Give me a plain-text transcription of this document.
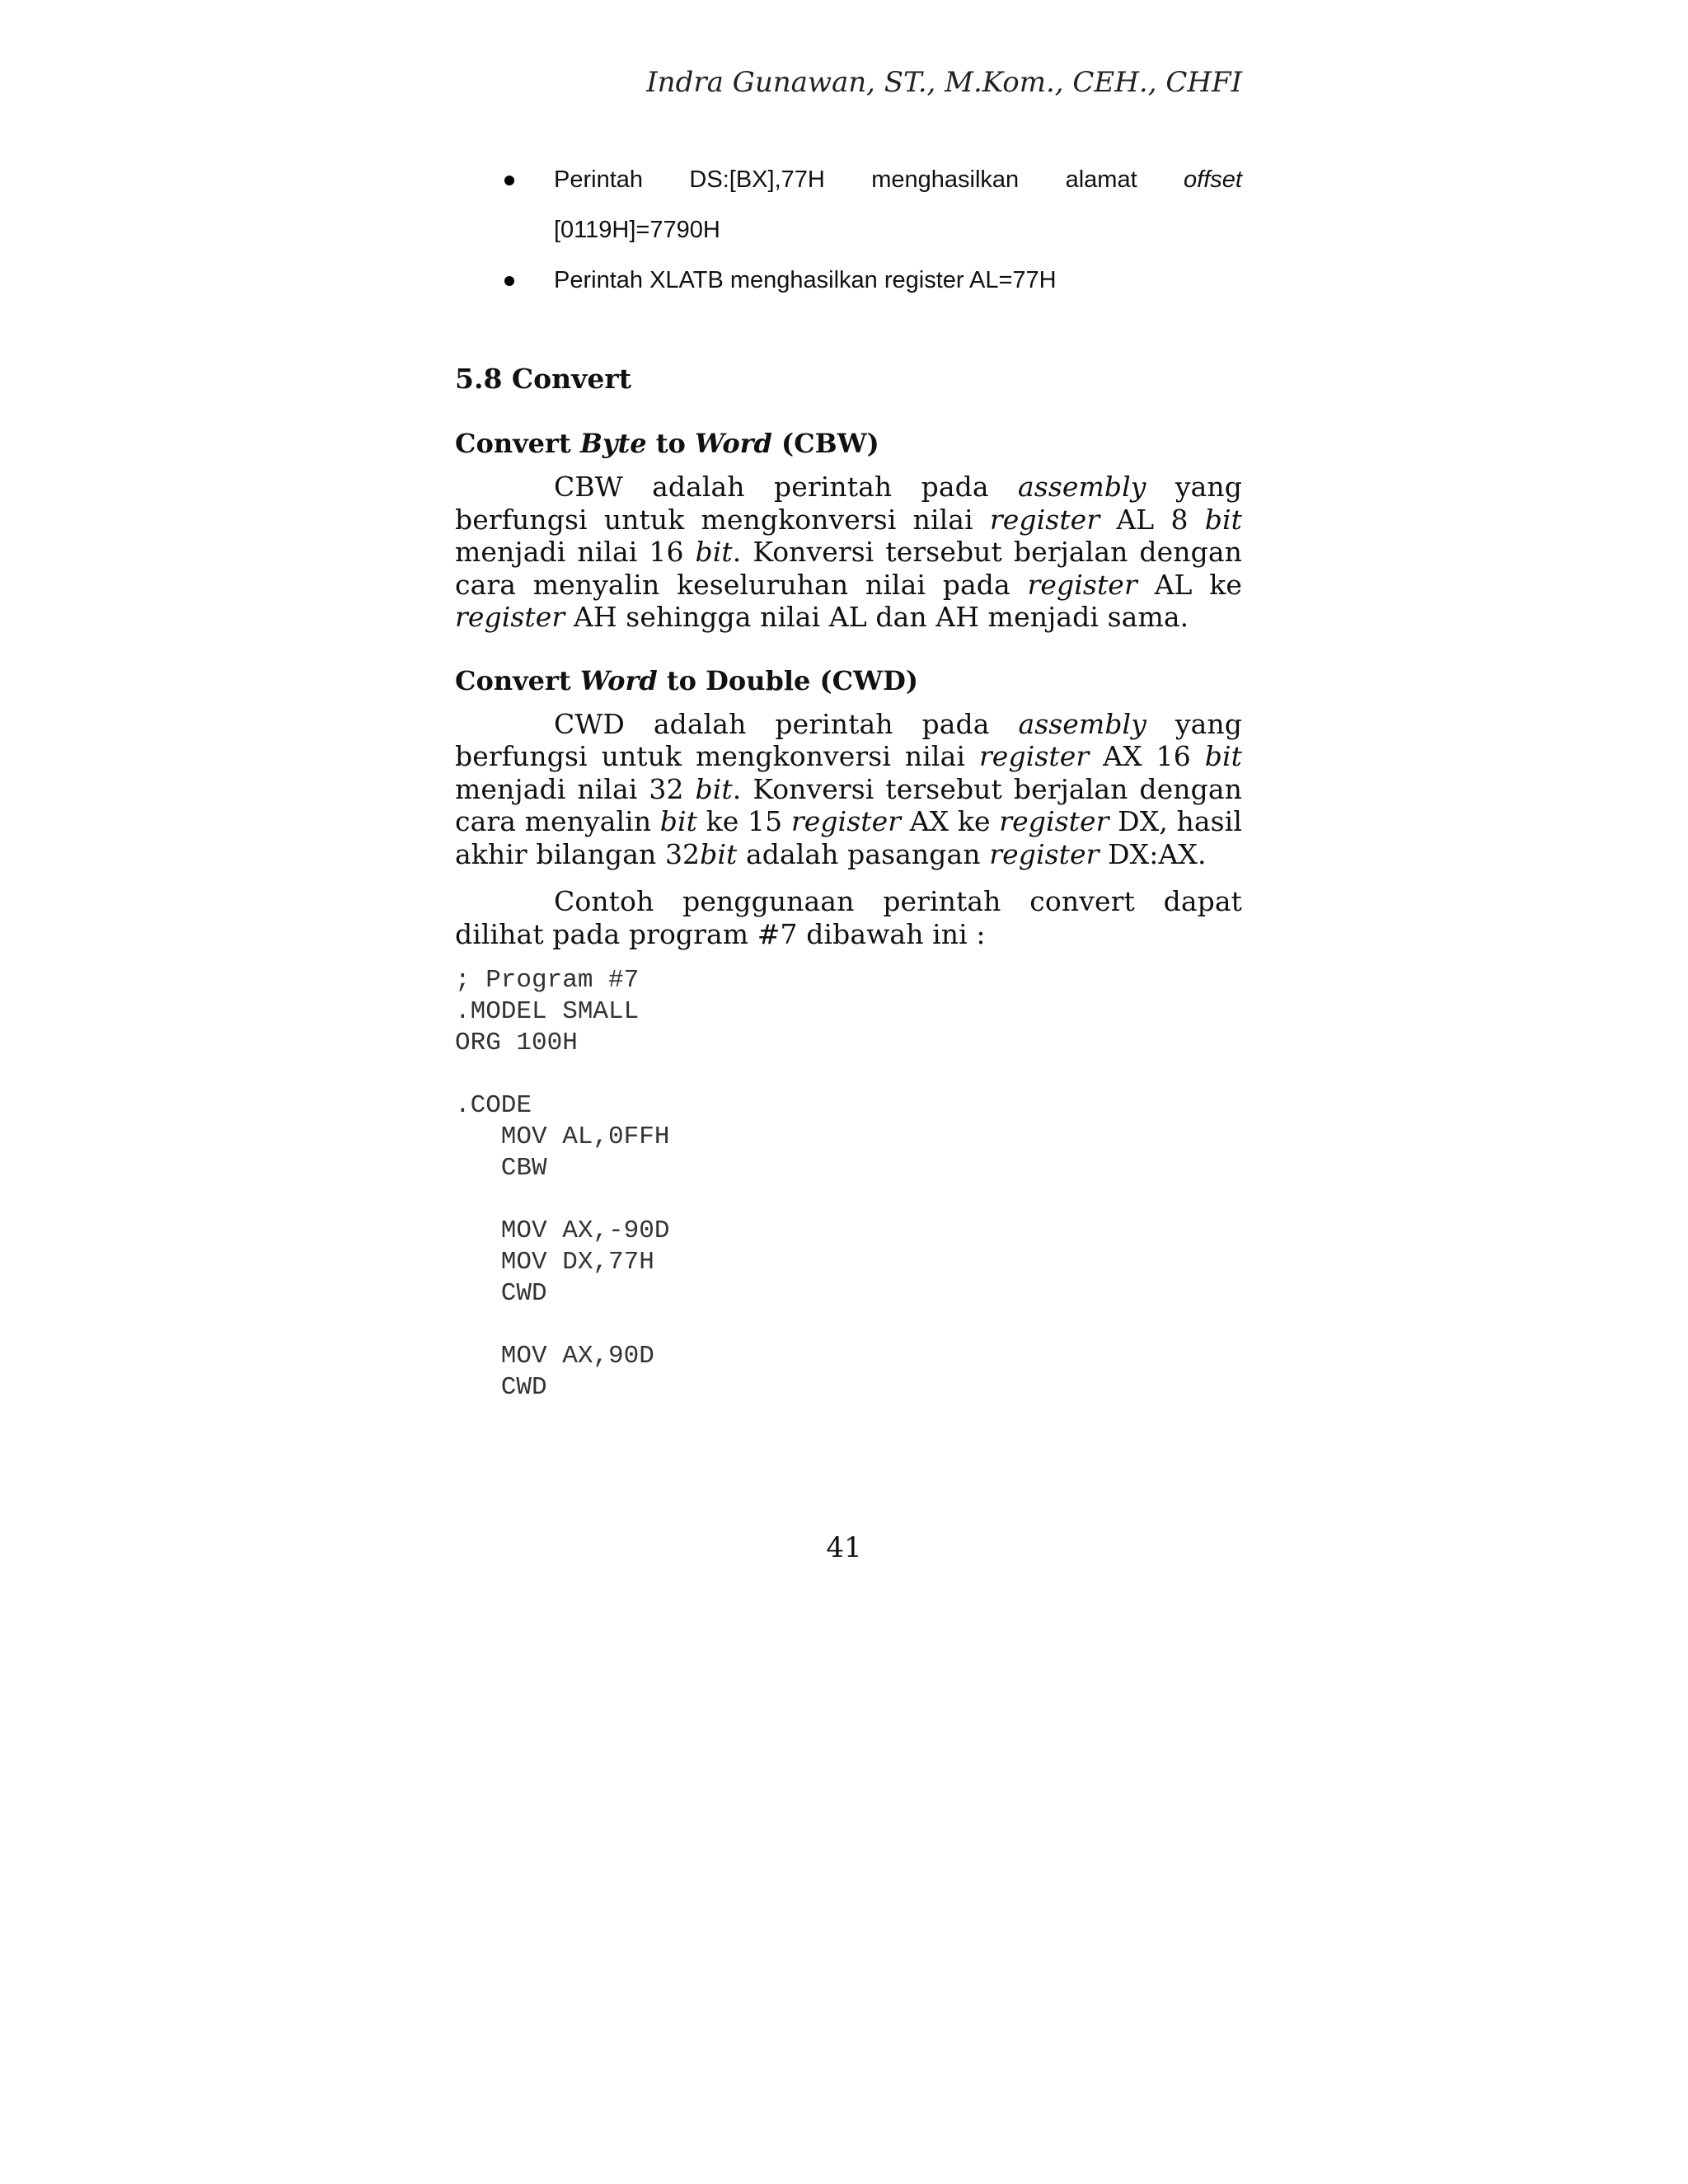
Indra Gunawan, ST., M.Kom., CEH., CHFI
Perintah DS:[BX],77H menghasilkan alamat offset
[0119H]=7790H
Perintah XLATB menghasilkan register AL=77H
5.8 Convert
Convert Byte to Word (CBW)

CBW adalah perintah pada assembly yang berfungsi untuk mengkonversi nilai register AL 8 bit menjadi nilai 16 bit. Konversi tersebut berjalan dengan cara menyalin keseluruhan nilai pada register AL ke register AH sehingga nilai AL dan AH menjadi sama.

Convert Word to Double (CWD)

CWD adalah perintah pada assembly yang berfungsi untuk mengkonversi nilai register AX 16 bit menjadi nilai 32 bit. Konversi tersebut berjalan dengan cara menyalin bit ke 15 register AX ke register DX, hasil akhir bilangan 32bit adalah pasangan register DX:AX.

Contoh penggunaan perintah convert dapat dilihat pada program #7 dibawah ini :

; Program #7
.MODEL SMALL
ORG 100H
.CODE
MOV AL,0FFH
CBW
MOV AX,-90D
MOV DX,77H
CWD
MOV AX,90D
CWD
41
